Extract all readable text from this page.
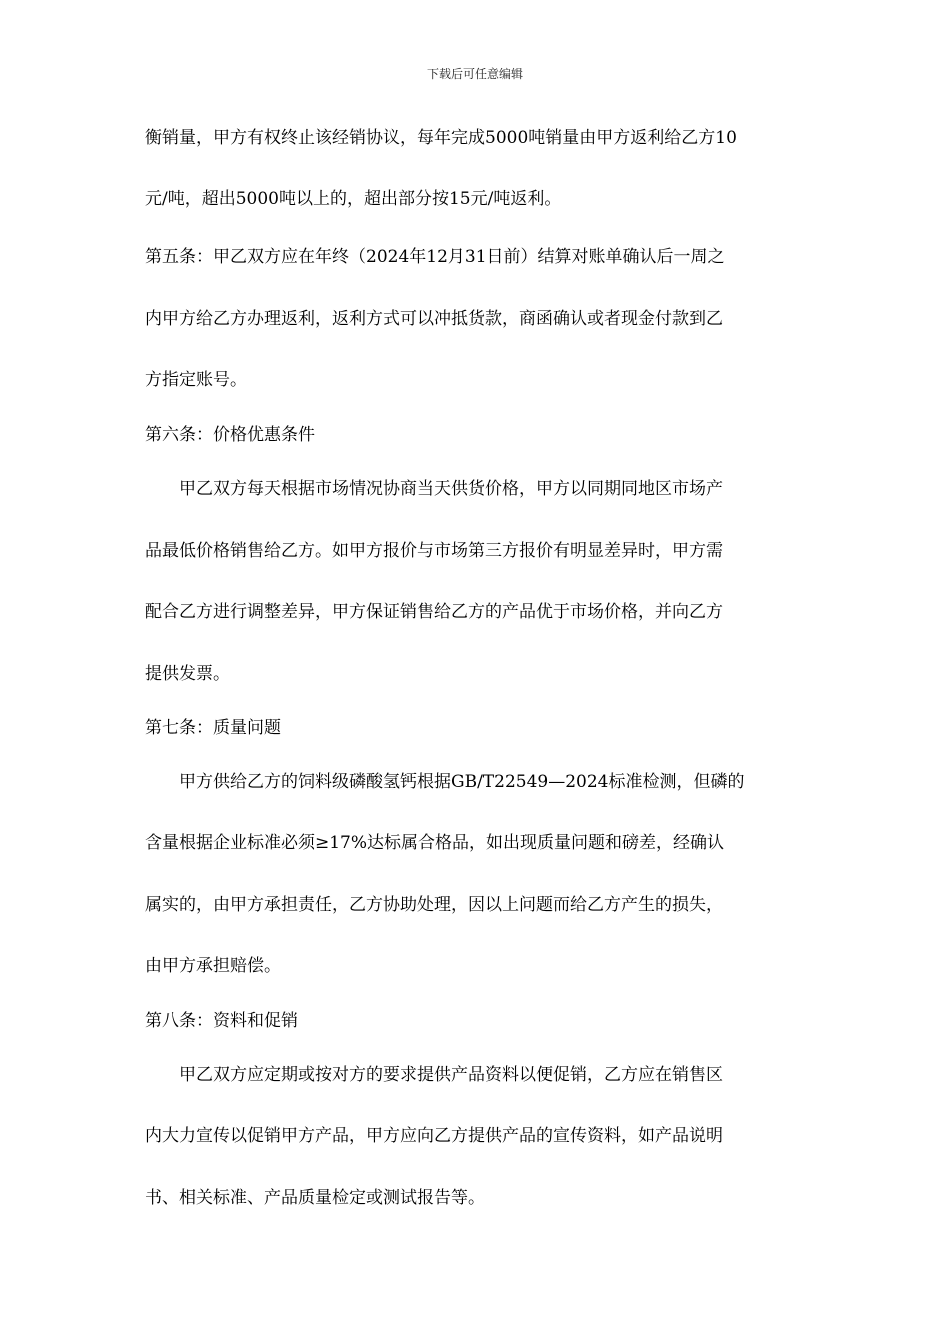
下载后可任意编辑
衡销量，甲方有权终止该经销协议，每年完成5000吨销量由甲方返利给乙方10
元/吨，超出5000吨以上的，超出部分按15元/吨返利。
第五条：甲乙双方应在年终（2024年12月31日前）结算对账单确认后一周之
内甲方给乙方办理返利，返利方式可以冲抵货款，商函确认或者现金付款到乙
方指定账号。
第六条：价格优惠条件
甲乙双方每天根据市场情况协商当天供货价格，甲方以同期同地区市场产
品最低价格销售给乙方。如甲方报价与市场第三方报价有明显差异时，甲方需
配合乙方进行调整差异，甲方保证销售给乙方的产品优于市场价格，并向乙方
提供发票。
第七条：质量问题
甲方供给乙方的饲料级磷酸氢钙根据GB/T22549—2024标准检测，但磷的
含量根据企业标准必须≥17%达标属合格品，如出现质量问题和磅差，经确认
属实的，由甲方承担责任，乙方协助处理，因以上问题而给乙方产生的损失，
由甲方承担赔偿。
第八条：资料和促销
甲乙双方应定期或按对方的要求提供产品资料以便促销，乙方应在销售区
内大力宣传以促销甲方产品，甲方应向乙方提供产品的宣传资料，如产品说明
书、相关标准、产品质量检定或测试报告等。
